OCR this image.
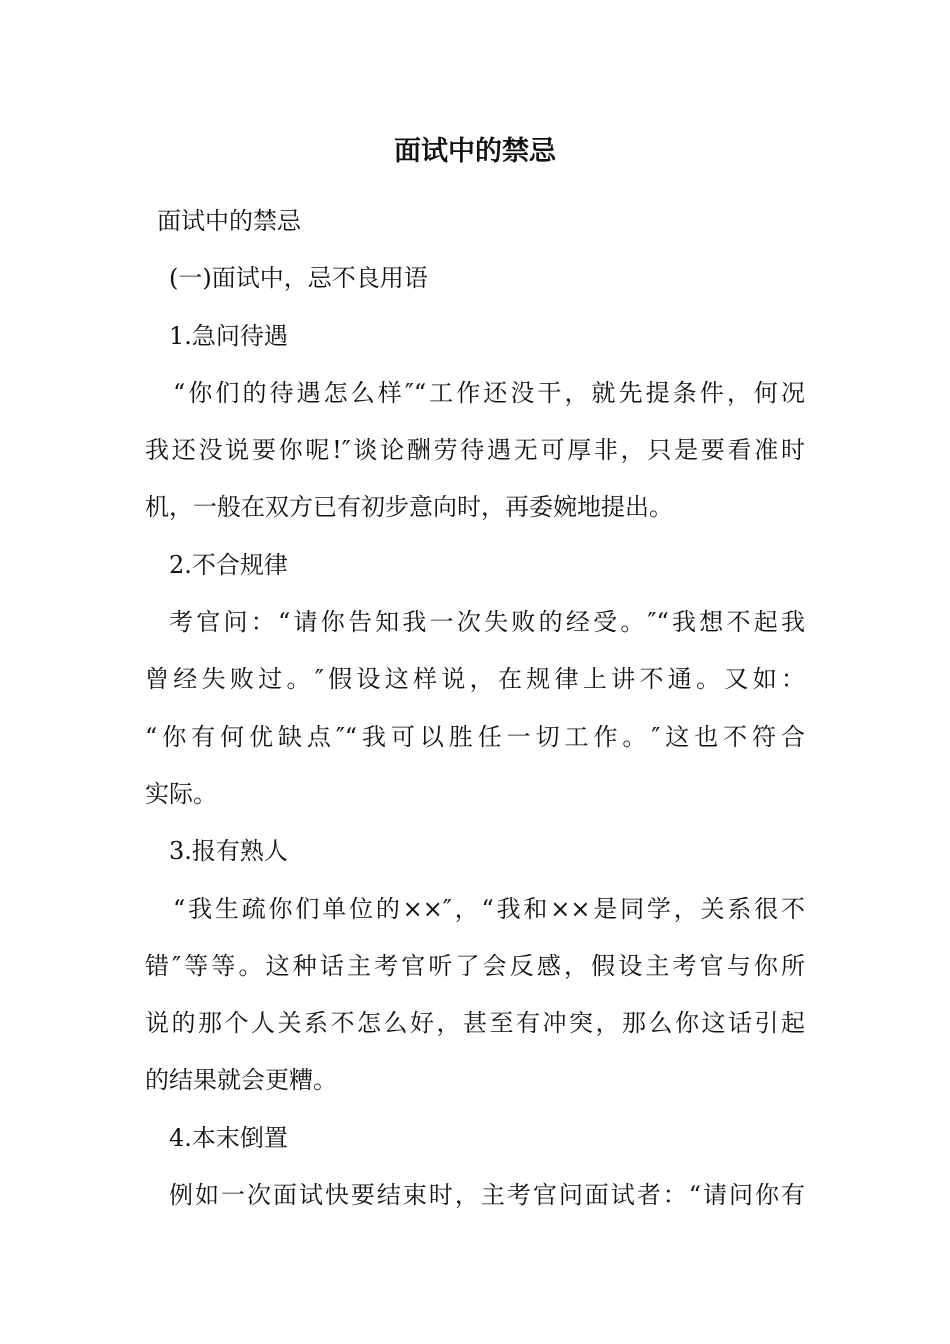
面试中的禁忌
面试中的禁忌
(一)面试中，忌不良用语
1.急问待遇
“你们的待遇怎么样″“工作还没干，就先提条件，何况
我还没说要你呢!″谈论酬劳待遇无可厚非，只是要看准时
机，一般在双方已有初步意向时，再委婉地提出。
2.不合规律
考官问：“请你告知我一次失败的经受。″“我想不起我
曾经失败过。″假设这样说，在规律上讲不通。又如：
“你有何优缺点″“我可以胜任一切工作。″这也不符合
实际。
3.报有熟人
“我生疏你们单位的××″，“我和××是同学，关系很不
错″等等。这种话主考官听了会反感，假设主考官与你所
说的那个人关系不怎么好，甚至有冲突，那么你这话引起
的结果就会更糟。
4.本末倒置
例如一次面试快要结束时，主考官问面试者：“请问你有
